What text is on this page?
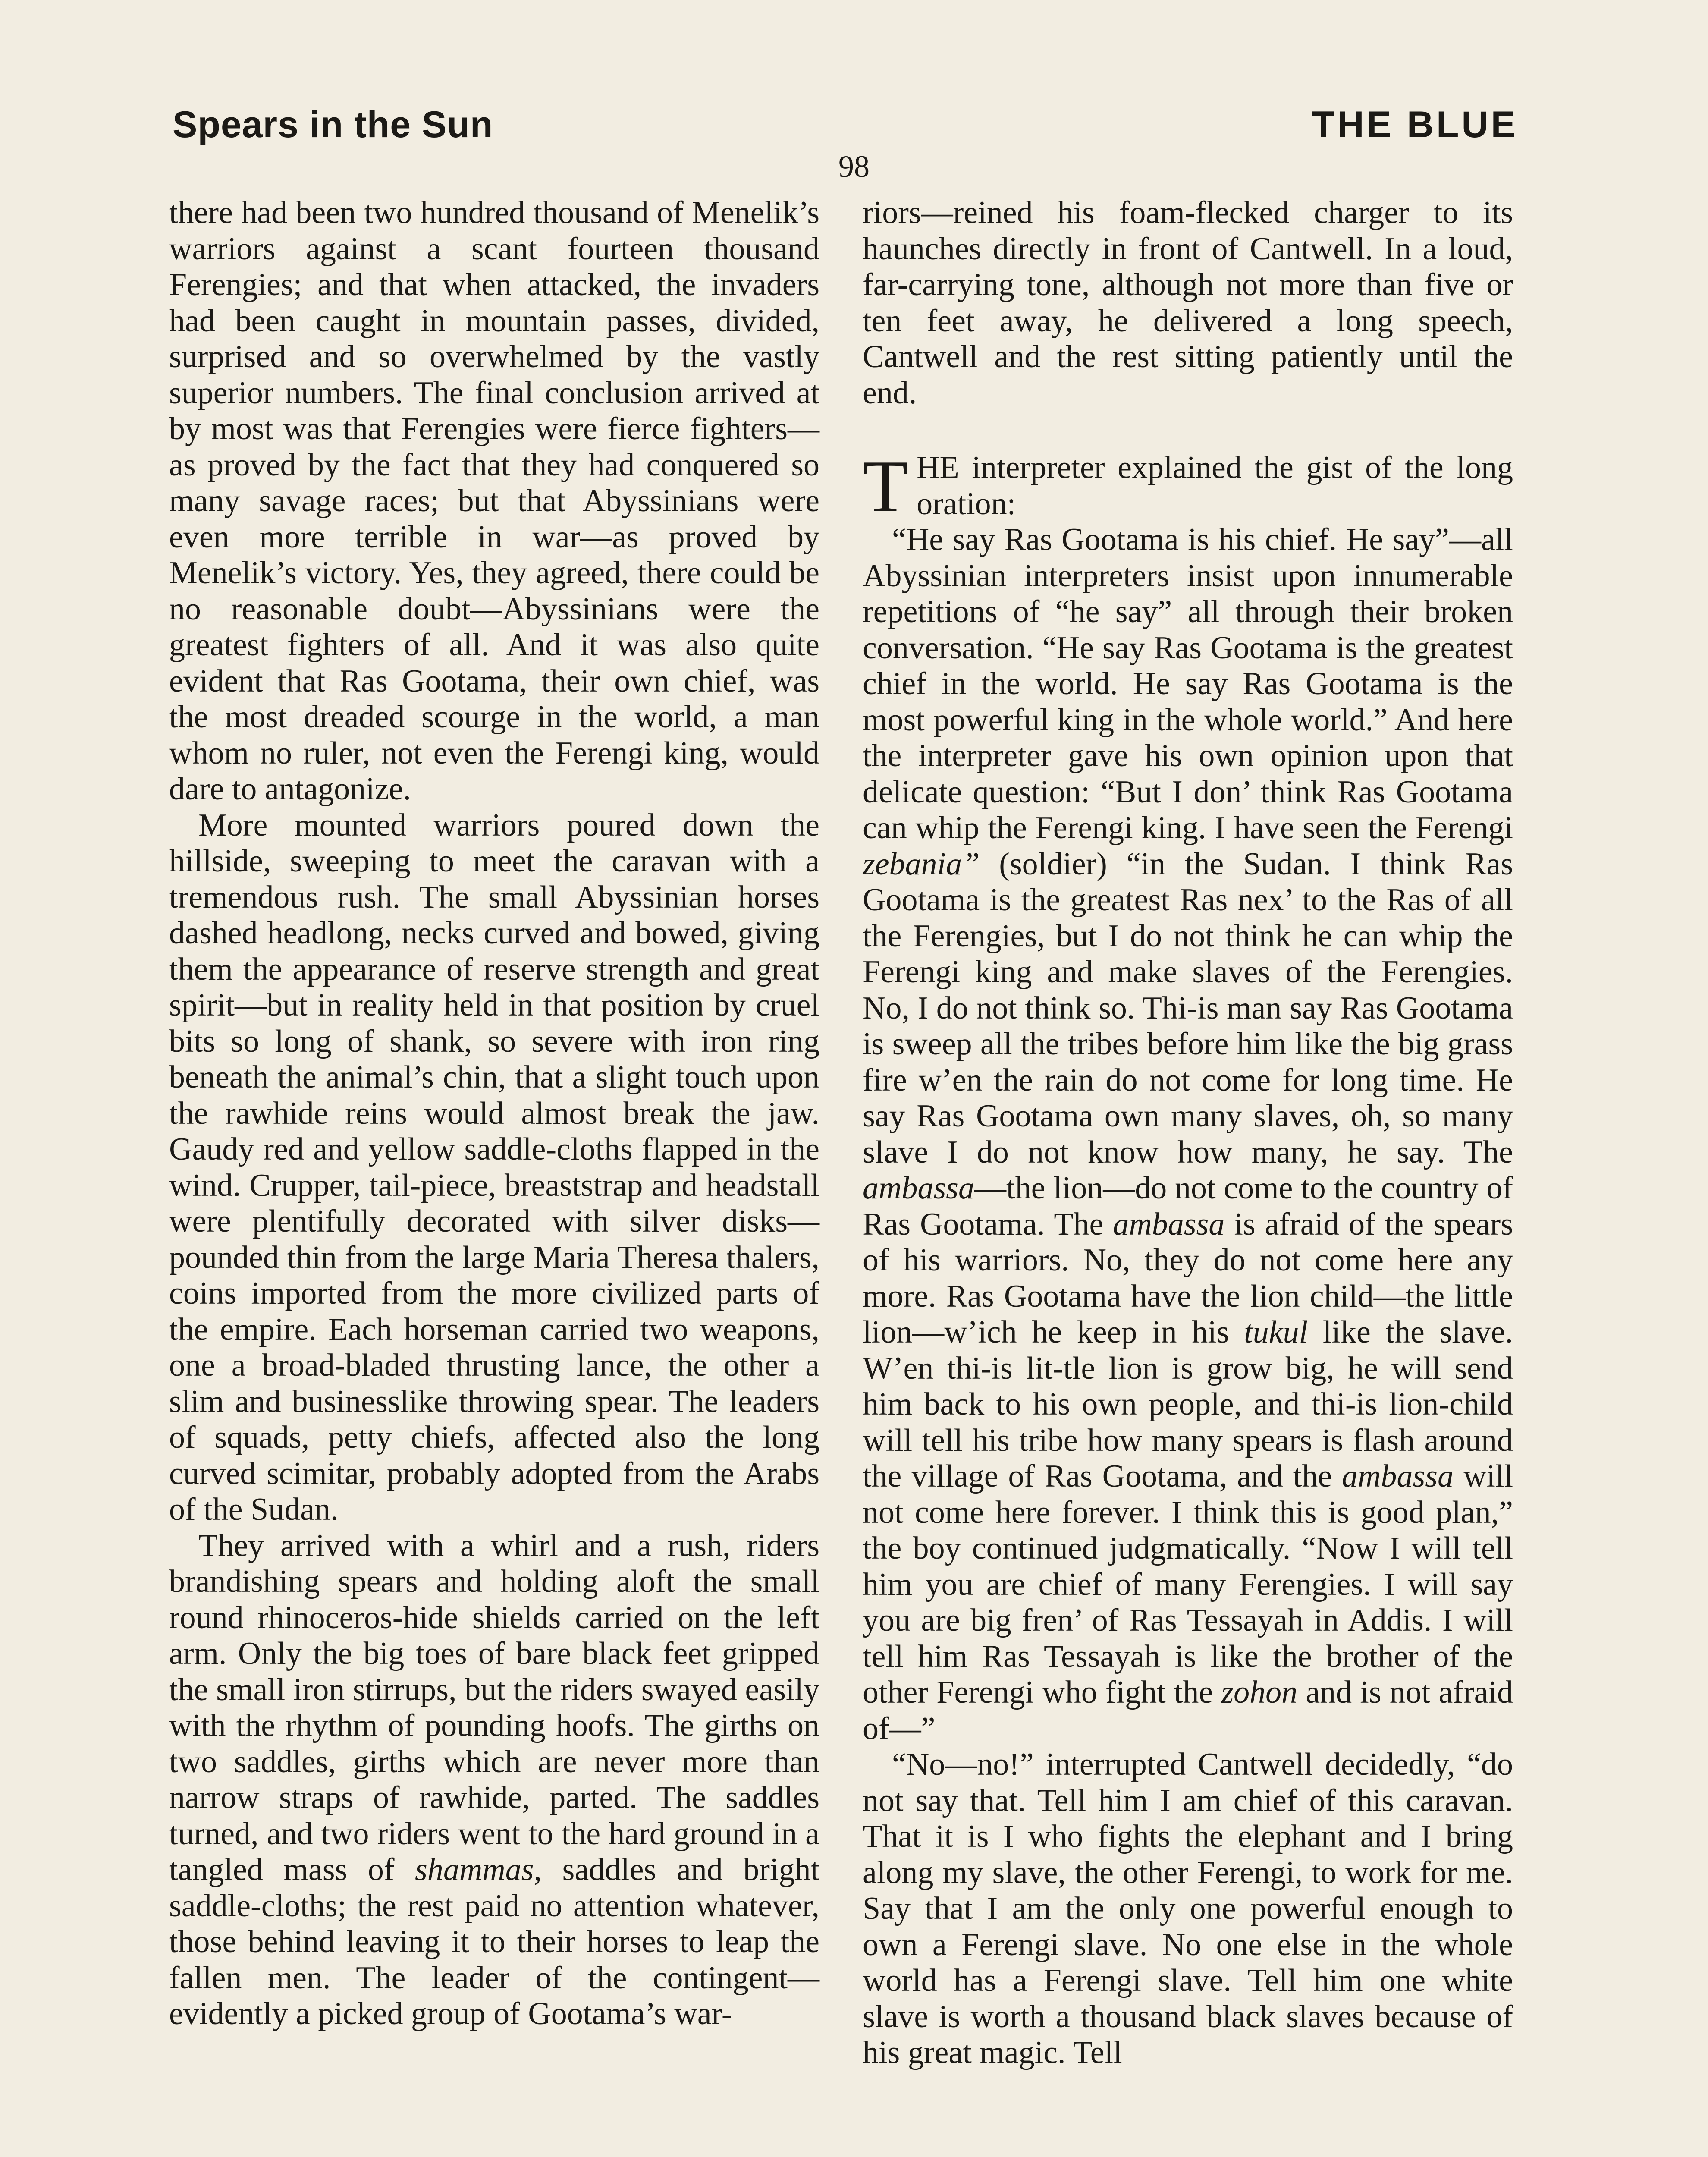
Spears in the Sun	THE BLUE
98

there had been two hundred thousand of Menelik’s warriors against a scant fourteen thousand Ferengies; and that when attacked, the invaders had been caught in mountain passes, divided, surprised and so overwhelmed by the vastly superior numbers. The final conclusion arrived at by most was that Ferengies were fierce fighters—as proved by the fact that they had conquered so many savage races; but that Abyssinians were even more terrible in war—as proved by Menelik’s victory. Yes, they agreed, there could be no reasonable doubt—Abyssinians were the greatest fighters of all. And it was also quite evident that Ras Gootama, their own chief, was the most dreaded scourge in the world, a man whom no ruler, not even the Ferengi king, would dare to antagonize.

More mounted warriors poured down the hillside, sweeping to meet the caravan with a tremendous rush. The small Abyssinian horses dashed headlong, necks curved and bowed, giving them the appearance of reserve strength and great spirit—but in reality held in that position by cruel bits so long of shank, so severe with iron ring beneath the animal’s chin, that a slight touch upon the rawhide reins would almost break the jaw. Gaudy red and yellow saddle-cloths flapped in the wind. Crupper, tail-piece, breaststrap and headstall were plentifully decorated with silver disks—pounded thin from the large Maria Theresa thalers, coins imported from the more civilized parts of the empire. Each horseman carried two weapons, one a broad-bladed thrusting lance, the other a slim and businesslike throwing spear. The leaders of squads, petty chiefs, affected also the long curved scimitar, probably adopted from the Arabs of the Sudan.

They arrived with a whirl and a rush, riders brandishing spears and holding aloft the small round rhinoceros-hide shields carried on the left arm. Only the big toes of bare black feet gripped the small iron stirrups, but the riders swayed easily with the rhythm of pounding hoofs. The girths on two saddles, girths which are never more than narrow straps of rawhide, parted. The saddles turned, and two riders went to the hard ground in a tangled mass of shammas, saddles and bright saddle-cloths; the rest paid no attention whatever, those behind leaving it to their horses to leap the fallen men. The leader of the contingent—evidently a picked group of Gootama’s war-

riors—reined his foam-flecked charger to its haunches directly in front of Cantwell. In a loud, far-carrying tone, although not more than five or ten feet away, he delivered a long speech, Cantwell and the rest sitting patiently until the end.

THE interpreter explained the gist of the long oration:

“He say Ras Gootama is his chief. He say”—all Abyssinian interpreters insist upon innumerable repetitions of “he say” all through their broken conversation. “He say Ras Gootama is the greatest chief in the world. He say Ras Gootama is the most powerful king in the whole world.” And here the interpreter gave his own opinion upon that delicate question: “But I don’ think Ras Gootama can whip the Ferengi king. I have seen the Ferengi zebania” (soldier) “in the Sudan. I think Ras Gootama is the greatest Ras nex’ to the Ras of all the Ferengies, but I do not think he can whip the Ferengi king and make slaves of the Ferengies. No, I do not think so. Thi-is man say Ras Gootama is sweep all the tribes before him like the big grass fire w’en the rain do not come for long time. He say Ras Gootama own many slaves, oh, so many slave I do not know how many, he say. The ambassa—the lion—do not come to the country of Ras Gootama. The ambassa is afraid of the spears of his warriors. No, they do not come here any more. Ras Gootama have the lion child—the little lion—w’ich he keep in his tukul like the slave. W’en thi-is lit-tle lion is grow big, he will send him back to his own people, and thi-is lion-child will tell his tribe how many spears is flash around the village of Ras Gootama, and the ambassa will not come here forever. I think this is good plan,” the boy continued judgmatically. “Now I will tell him you are chief of many Ferengies. I will say you are big fren’ of Ras Tessayah in Addis. I will tell him Ras Tessayah is like the brother of the other Ferengi who fight the zohon and is not afraid of—”

“No—no!” interrupted Cantwell decidedly, “do not say that. Tell him I am chief of this caravan. That it is I who fights the elephant and I bring along my slave, the other Ferengi, to work for me. Say that I am the only one powerful enough to own a Ferengi slave. No one else in the whole world has a Ferengi slave. Tell him one white slave is worth a thousand black slaves because of his great magic. Tell
